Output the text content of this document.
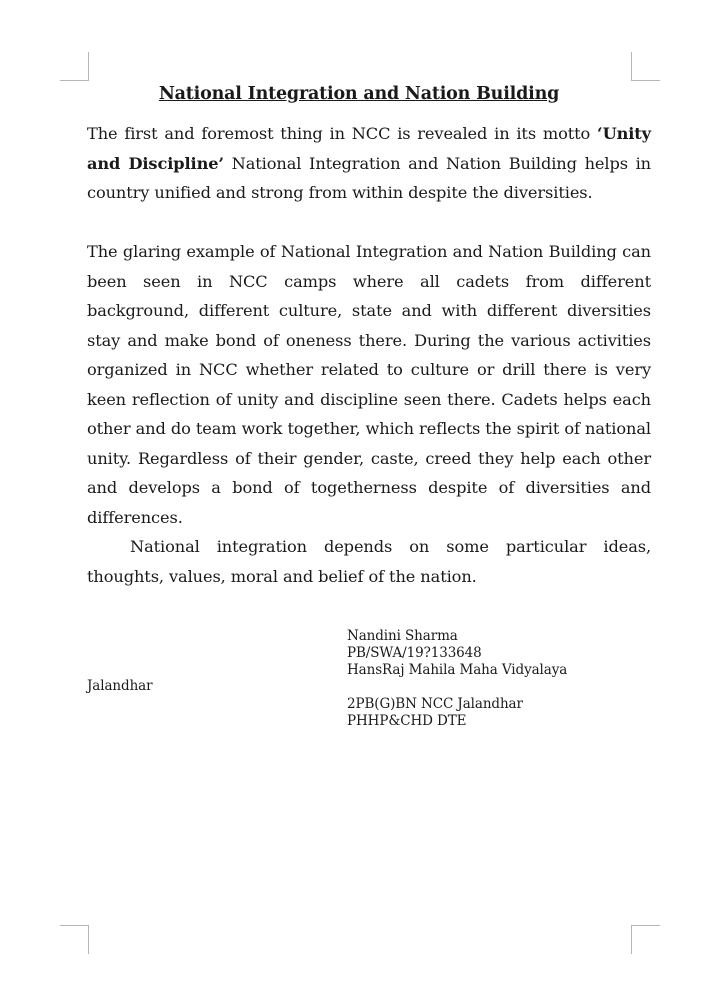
National Integration and Nation Building

The first and foremost thing in NCC is revealed in its motto ‘Unity and Discipline’ National Integration and Nation Building helps in country unified and strong from within despite the diversities.

The glaring example of National Integration and Nation Building can been seen in NCC camps where all cadets from different background, different culture, state and with different diversities stay and make bond of oneness there. During the various activities organized in NCC whether related to culture or drill there is very keen reflection of unity and discipline seen there. Cadets helps each other and do team work together, which reflects the spirit of national unity. Regardless of their gender, caste, creed they help each other and develops a bond of togetherness despite of diversities and differences.

National integration depends on some particular ideas, thoughts, values, moral and belief of the nation.

Nandini Sharma
PB/SWA/19?133648
HansRaj Mahila Maha Vidyalaya
Jalandhar
2PB(G)BN NCC Jalandhar
PHHP&CHD DTE
